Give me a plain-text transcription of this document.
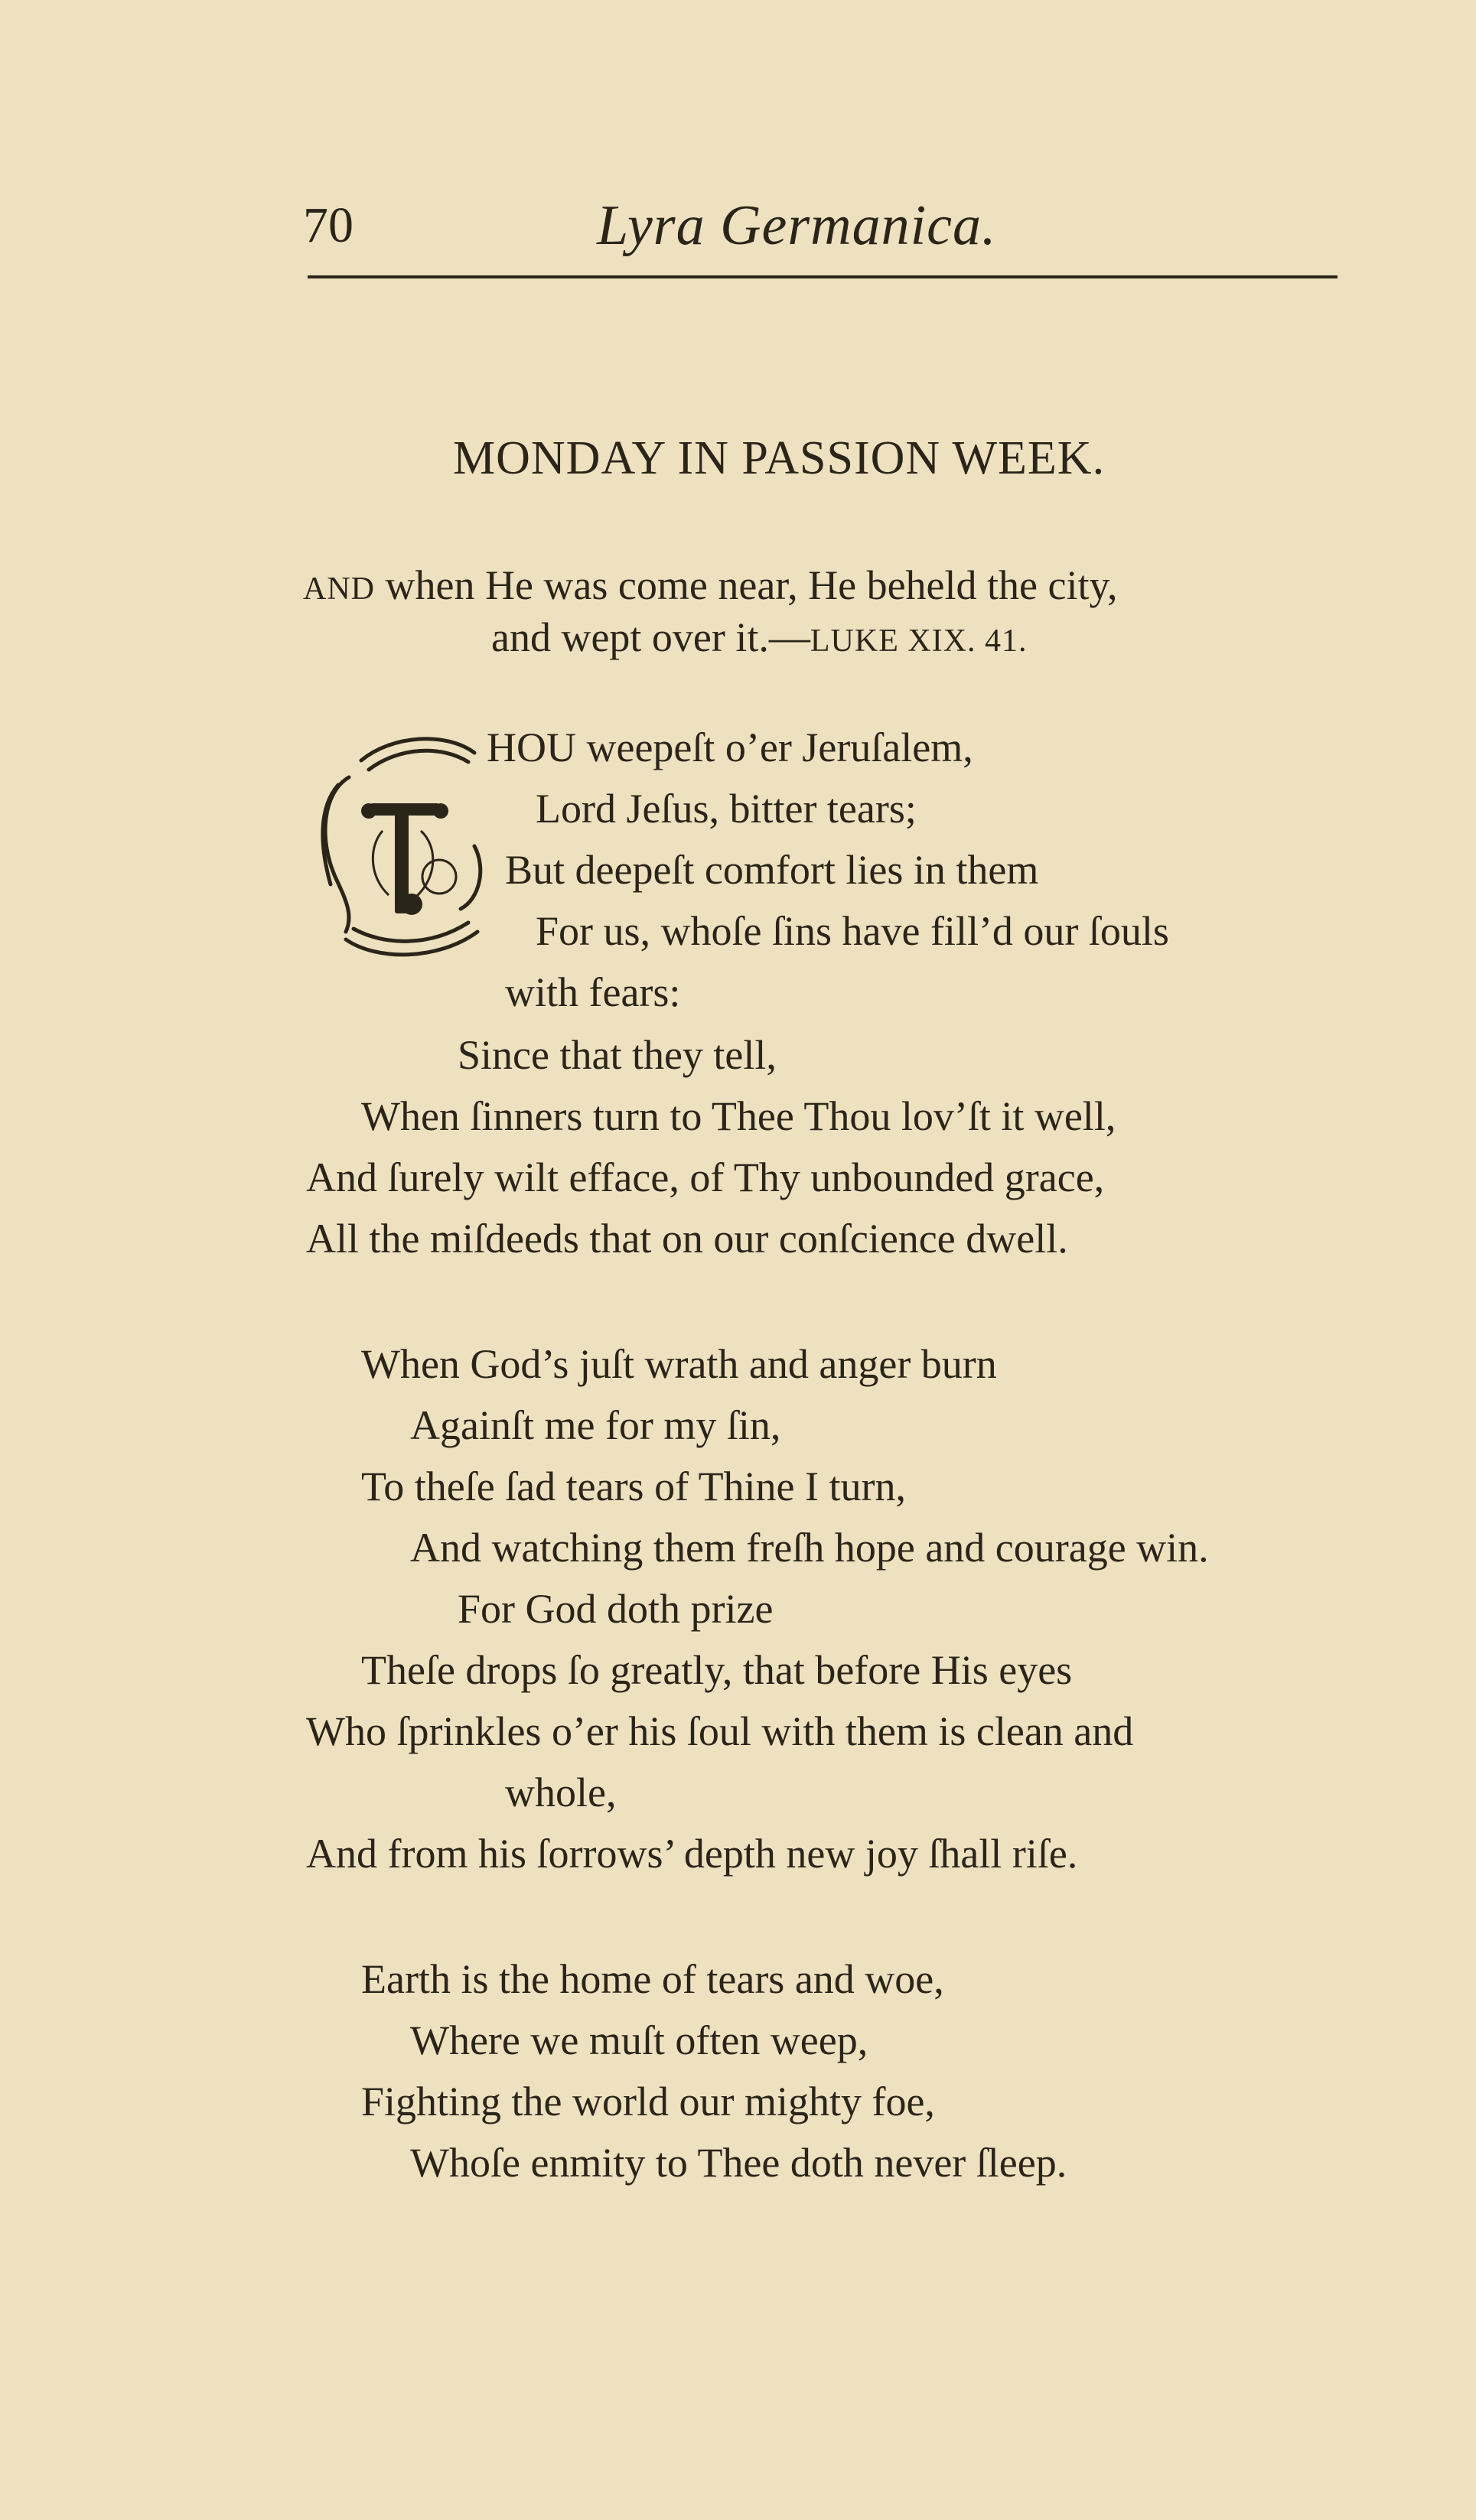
70	Lyra Germanica.
MONDAY IN PASSION WEEK.
AND when He was come near, He beheld the city,
and wept over it.—LUKE XIX. 41.
HOU weepeſt o’er Jeruſalem,
Lord Jeſus, bitter tears;
But deepeſt comfort lies in them
For us, whoſe ſins have fill’d our ſouls
with fears:
Since that they tell,
When ſinners turn to Thee Thou lov’ſt it well,
And ſurely wilt efface, of Thy unbounded grace,
All the miſdeeds that on our conſcience dwell.
When God’s juſt wrath and anger burn
Againſt me for my ſin,
To theſe ſad tears of Thine I turn,
And watching them freſh hope and courage win.
For God doth prize
Theſe drops ſo greatly, that before His eyes
Who ſprinkles o’er his ſoul with them is clean and
whole,
And from his ſorrows’ depth new joy ſhall riſe.
Earth is the home of tears and woe,
Where we muſt often weep,
Fighting the world our mighty foe,
Whoſe enmity to Thee doth never ſleep.
